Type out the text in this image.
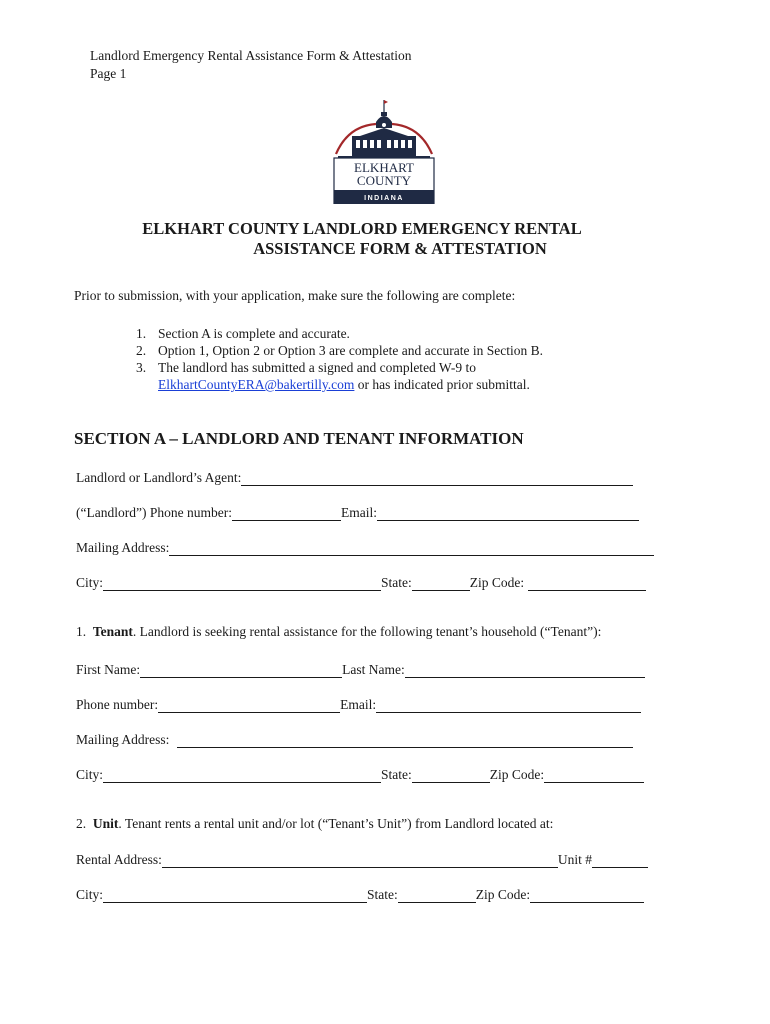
Landlord Emergency Rental Assistance Form & Attestation
Page 1
ELKHART
COUNTY
INDIANA
ELKHART COUNTY LANDLORD EMERGENCY RENTAL
ASSISTANCE FORM & ATTESTATION
Prior to submission, with your application, make sure the following are complete:
1. Section A is complete and accurate.
2. Option 1, Option 2 or Option 3 are complete and accurate in Section B.
3. The landlord has submitted a signed and completed W-9 to
ElkhartCountyERA@bakertilly.com or has indicated prior submittal.
SECTION A – LANDLORD AND TENANT INFORMATION
Landlord or Landlord’s Agent:
(“Landlord”) Phone number:	Email:
Mailing Address:
City:	State:	Zip Code:
1. Tenant. Landlord is seeking rental assistance for the following tenant’s household (“Tenant”):
First Name:	Last Name:
Phone number:	Email:
Mailing Address:
City:	State:	Zip Code:
2. Unit. Tenant rents a rental unit and/or lot (“Tenant’s Unit”) from Landlord located at:
Rental Address:	Unit #
City:	State:	Zip Code:
